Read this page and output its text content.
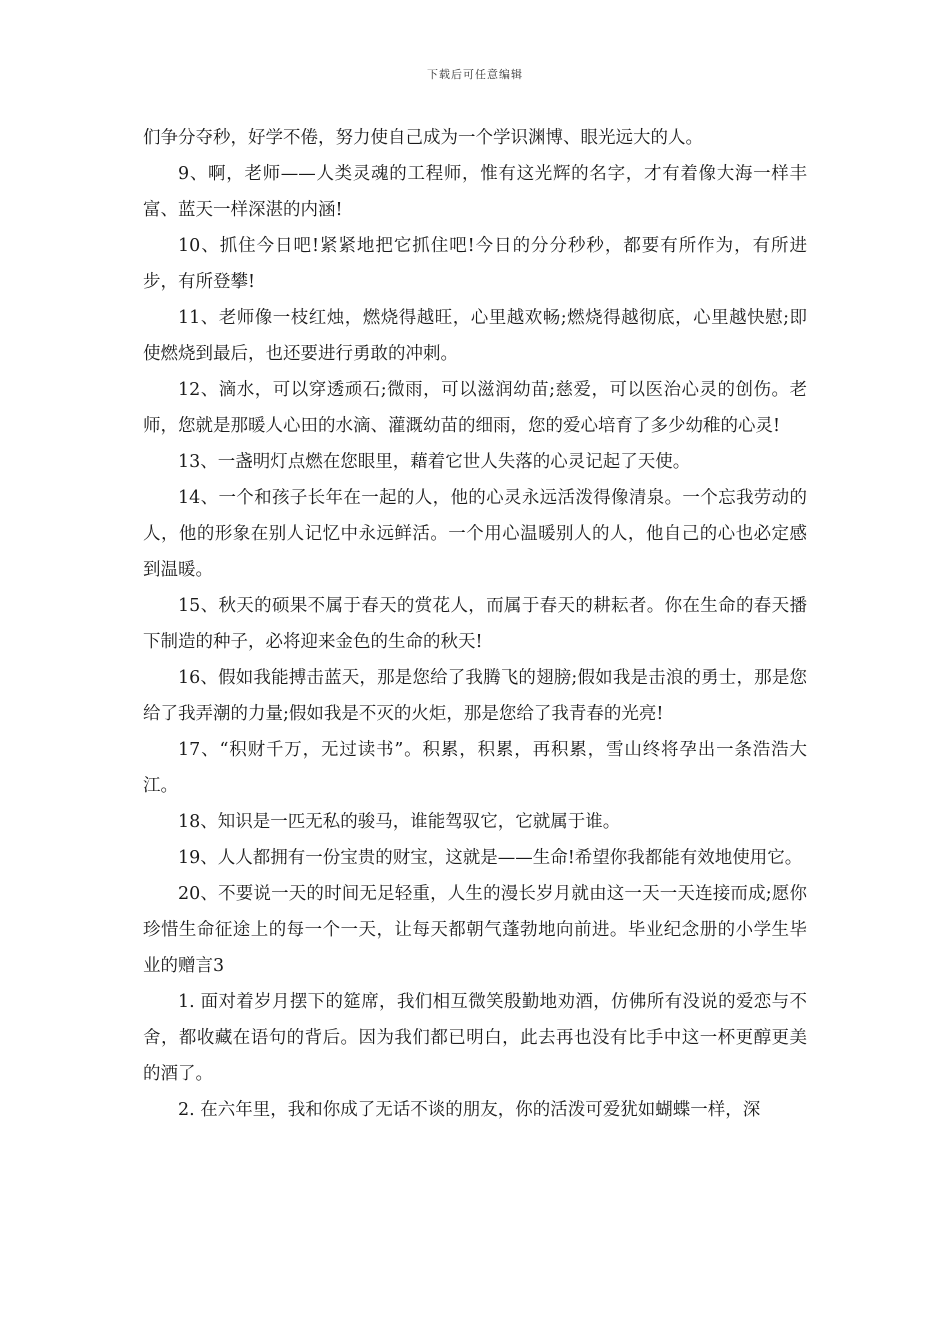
下载后可任意编辑

们争分夺秒，好学不倦，努力使自己成为一个学识渊博、眼光远大的人。

9、啊，老师——人类灵魂的工程师，惟有这光辉的名字，才有着像大海一样丰富、蓝天一样深湛的内涵!

10、抓住今日吧!紧紧地把它抓住吧!今日的分分秒秒，都要有所作为，有所进步，有所登攀!

11、老师像一枝红烛，燃烧得越旺，心里越欢畅;燃烧得越彻底，心里越快慰;即使燃烧到最后，也还要进行勇敢的冲刺。

12、滴水，可以穿透顽石;微雨，可以滋润幼苗;慈爱，可以医治心灵的创伤。老师，您就是那暖人心田的水滴、灌溉幼苗的细雨，您的爱心培育了多少幼稚的心灵!

13、一盏明灯点燃在您眼里，藉着它世人失落的心灵记起了天使。

14、一个和孩子长年在一起的人，他的心灵永远活泼得像清泉。一个忘我劳动的人，他的形象在别人记忆中永远鲜活。一个用心温暖别人的人，他自己的心也必定感到温暖。

15、秋天的硕果不属于春天的赏花人，而属于春天的耕耘者。你在生命的春天播下制造的种子，必将迎来金色的生命的秋天!

16、假如我能搏击蓝天，那是您给了我腾飞的翅膀;假如我是击浪的勇士，那是您给了我弄潮的力量;假如我是不灭的火炬，那是您给了我青春的光亮!

17、“积财千万，无过读书”。积累，积累，再积累，雪山终将孕出一条浩浩大江。

18、知识是一匹无私的骏马，谁能驾驭它，它就属于谁。

19、人人都拥有一份宝贵的财宝，这就是——生命!希望你我都能有效地使用它。

20、不要说一天的时间无足轻重，人生的漫长岁月就由这一天一天连接而成;愿你珍惜生命征途上的每一个一天，让每天都朝气蓬勃地向前进。毕业纪念册的小学生毕业的赠言3

1. 面对着岁月摆下的筵席，我们相互微笑殷勤地劝酒，仿佛所有没说的爱恋与不舍，都收藏在语句的背后。因为我们都已明白，此去再也没有比手中这一杯更醇更美的酒了。

2. 在六年里，我和你成了无话不谈的朋友，你的活泼可爱犹如蝴蝶一样，深
